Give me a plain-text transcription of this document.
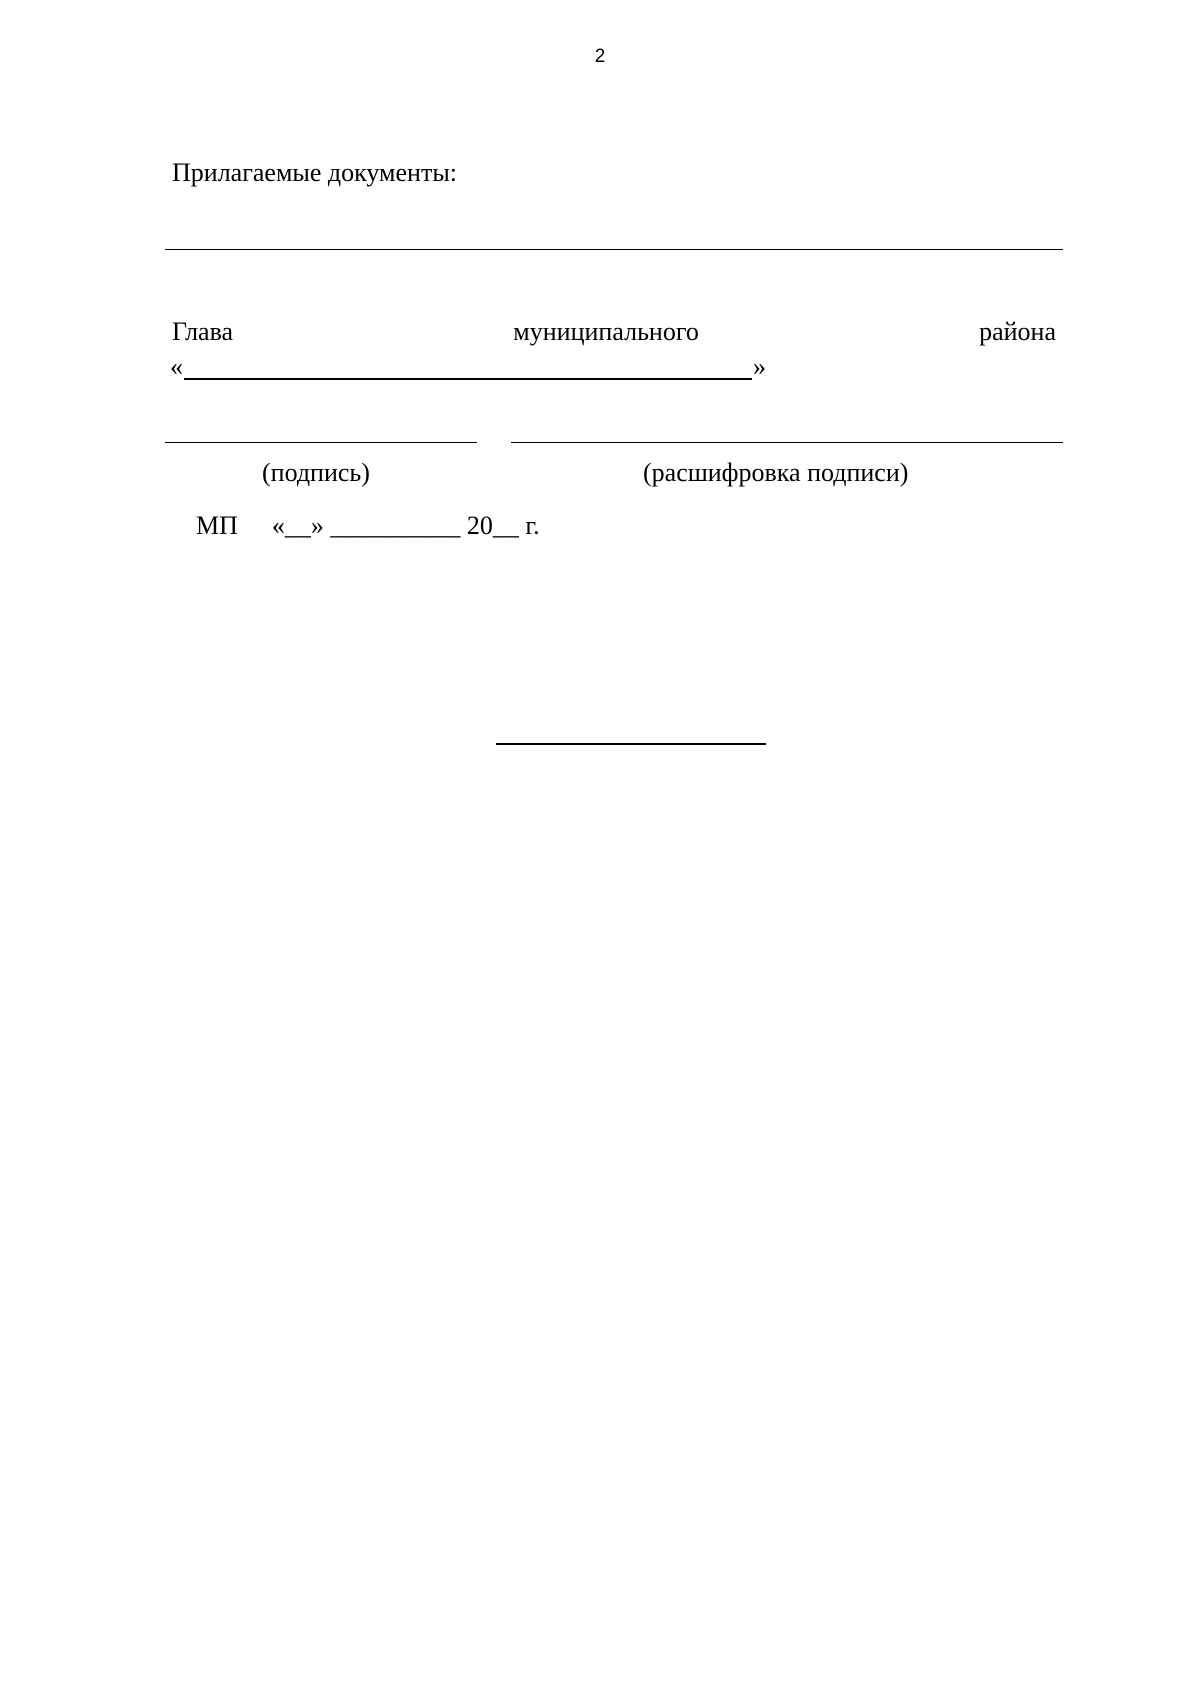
2
Прилагаемые документы:
Глава	муниципального	района
«	»
(подпись)	(расшифровка подписи)
МП «__» __________ 20__ г.
